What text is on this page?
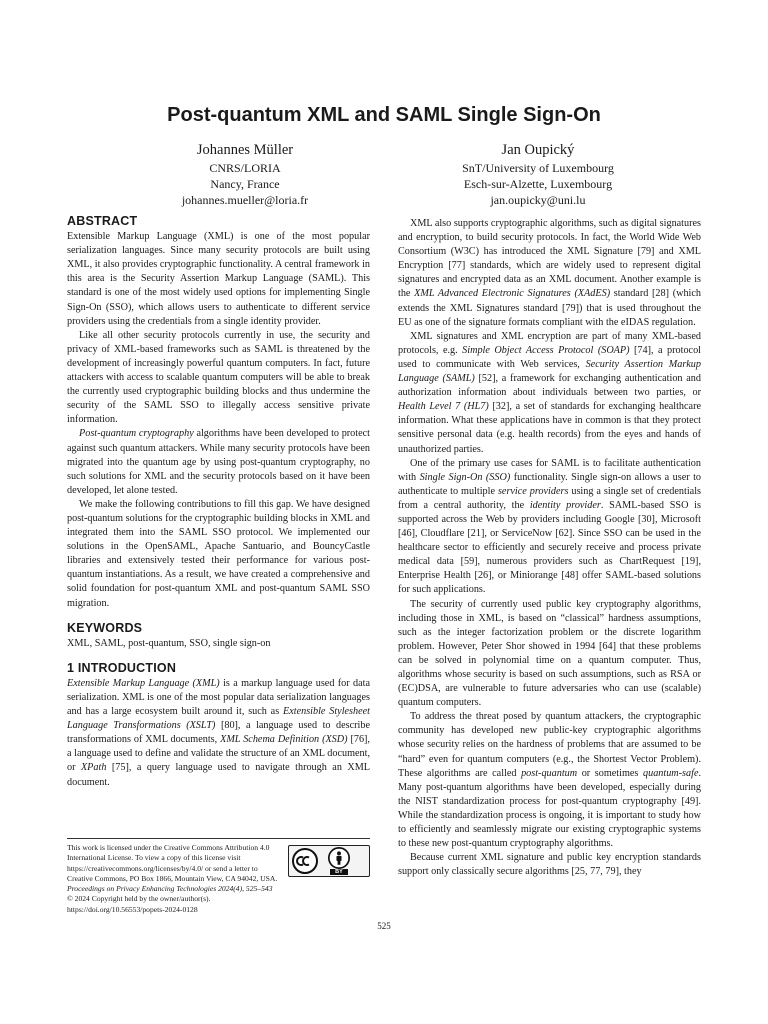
Post-quantum XML and SAML Single Sign-On
Johannes Müller
CNRS/LORIA
Nancy, France
johannes.mueller@loria.fr
Jan Oupický
SnT/University of Luxembourg
Esch-sur-Alzette, Luxembourg
jan.oupicky@uni.lu
ABSTRACT

Extensible Markup Language (XML) is one of the most popular serialization languages. Since many security protocols are built using XML, it also provides cryptographic functionality. A central framework in this area is the Security Assertion Markup Language (SAML). This standard is one of the most widely used options for implementing Single Sign-On (SSO), which allows users to authenticate to different service providers using the credentials from a single identity provider.

Like all other security protocols currently in use, the security and privacy of XML-based frameworks such as SAML is threatened by the development of increasingly powerful quantum computers. In fact, future attackers with access to scalable quantum computers will be able to break the currently used cryptographic building blocks and thus undermine the security of the SAML SSO to illegally access sensitive private information.

Post-quantum cryptography algorithms have been developed to protect against such quantum attackers. While many security protocols have been migrated into the quantum age by using post-quantum cryptography, no such solutions for XML and the security protocols based on it have been developed, let alone tested.

We make the following contributions to fill this gap. We have designed post-quantum solutions for the cryptographic building blocks in XML and integrated them into the SAML SSO protocol. We implemented our solutions in the OpenSAML, Apache Santuario, and BouncyCastle libraries and extensively tested their performance for various post-quantum instantiations. As a result, we have created a comprehensive and solid foundation for post-quantum XML and post-quantum SAML SSO migration.

KEYWORDS

XML, SAML, post-quantum, SSO, single sign-on

1 INTRODUCTION

Extensible Markup Language (XML) is a markup language used for data serialization. XML is one of the most popular data serialization languages and has a large ecosystem built around it, such as Extensible Stylesheet Language Transformations (XSLT) [80], a language used to describe transformations of XML documents, XML Schema Definition (XSD) [76], a language used to define and validate the structure of an XML document, or XPath [75], a query language used to navigate through an XML document.

This work is licensed under the Creative Commons Attribution 4.0 International License. To view a copy of this license visit https://creativecommons.org/licenses/by/4.0/ or send a letter to Creative Commons, PO Box 1866, Mountain View, CA 94042, USA.
Proceedings on Privacy Enhancing Technologies 2024(4), 525–543
© 2024 Copyright held by the owner/author(s).
https://doi.org/10.56553/popets-2024-0128
BY

XML also supports cryptographic algorithms, such as digital signatures and encryption, to build security protocols. In fact, the World Wide Web Consortium (W3C) has introduced the XML Signature [79] and XML Encryption [77] standards, which are widely used to represent digital signatures and encrypted data as an XML document. Another example is the XML Advanced Electronic Signatures (XAdES) standard [28] (which extends the XML Signatures standard [79]) that is used throughout the EU as one of the signature formats compliant with the eIDAS regulation.

XML signatures and XML encryption are part of many XML-based protocols, e.g. Simple Object Access Protocol (SOAP) [74], a protocol used to communicate with Web services, Security Assertion Markup Language (SAML) [52], a framework for exchanging authentication and authorization information about individuals between two parties, or Health Level 7 (HL7) [32], a set of standards for exchanging healthcare information. What these applications have in common is that they protect sensitive personal data (e.g. health records) from the eyes and hands of unauthorized parties.

One of the primary use cases for SAML is to facilitate authentication with Single Sign-On (SSO) functionality. Single sign-on allows a user to authenticate to multiple service providers using a single set of credentials from a central authority, the identity provider. SAML-based SSO is supported across the Web by providers including Google [30], Microsoft [46], Cloudflare [21], or ServiceNow [62]. Since SSO can be used in the healthcare sector to efficiently and securely receive and process private medical data [59], numerous providers such as ChartRequest [19], Enterprise Health [26], or Miniorange [48] offer SAML-based solutions for such applications.

The security of currently used public key cryptography algorithms, including those in XML, is based on “classical” hardness assumptions, such as the integer factorization problem or the discrete logarithm problem. However, Peter Shor showed in 1994 [64] that these problems can be solved in polynomial time on a quantum computer. Thus, algorithms whose security is based on such assumptions, such as RSA or (EC)DSA, are vulnerable to future adversaries who can use (scalable) quantum computers.

To address the threat posed by quantum attackers, the cryptographic community has developed new public-key cryptographic algorithms whose security relies on the hardness of problems that are assumed to be “hard” even for quantum computers (e.g., the Shortest Vector Problem). These algorithms are called post-quantum or sometimes quantum-safe. Many post-quantum algorithms have been developed, especially during the NIST standardization process for post-quantum cryptography [49]. While the standardization process is ongoing, it is important to study how to efficiently and seamlessly migrate our existing cryptographic systems to these new post-quantum cryptography algorithms.

Because current XML signature and public key encryption standards support only classically secure algorithms [25, 77, 79], they

525
